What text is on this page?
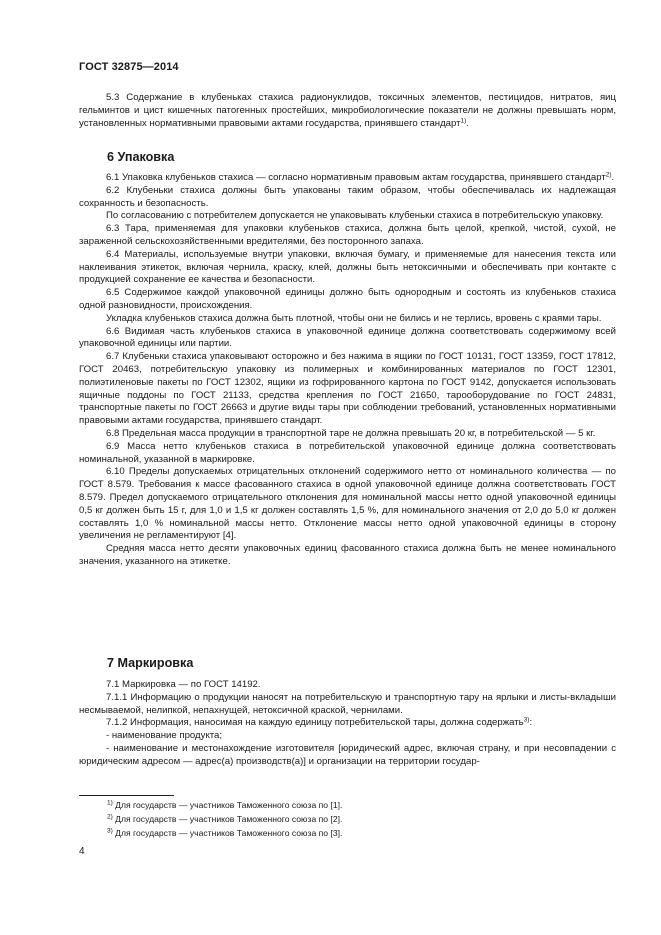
ГОСТ 32875—2014

5.3 Содержание в клубеньках стахиса радионуклидов, токсичных элементов, пестицидов, нитратов, яиц гельминтов и цист кишечных патогенных простейших, микробиологические показатели не должны превышать норм, установленных нормативными правовыми актами государства, принявшего стандарт$^{1)}$.

6 Упаковка

6.1 Упаковка клубеньков стахиса — согласно нормативным правовым актам государства, принявшего стандарт$^{2)}$.

6.2 Клубеньки стахиса должны быть упакованы таким образом, чтобы обеспечивалась их надлежащая сохранность и безопасность.

По согласованию с потребителем допускается не упаковывать клубеньки стахиса в потребительскую упаковку.

6.3 Тара, применяемая для упаковки клубеньков стахиса, должна быть целой, крепкой, чистой, сухой, не зараженной сельскохозяйственными вредителями, без посторонного запаха.

6.4 Материалы, используемые внутри упаковки, включая бумагу, и применяемые для нанесения текста или наклеивания этикеток, включая чернила, краску, клей, должны быть нетоксичными и обеспечивать при контакте с продукцией сохранение ее качества и безопасности.

6.5 Содержимое каждой упаковочной единицы должно быть однородным и состоять из клубеньков стахиса одной разновидности, происхождения.

Укладка клубеньков стахиса должна быть плотной, чтобы они не бились и не терлись, вровень с краями тары.

6.6 Видимая часть клубеньков стахиса в упаковочной единице должна соответствовать содержимому всей упаковочной единицы или партии.

6.7 Клубеньки стахиса упаковывают осторожно и без нажима в ящики по ГОСТ 10131, ГОСТ 13359, ГОСТ 17812, ГОСТ 20463, потребительскую упаковку из полимерных и комбинированных материалов по ГОСТ 12301, полиэтиленовые пакеты по ГОСТ 12302, ящики из гофрированного картона по ГОСТ 9142, допускается использовать ящичные поддоны по ГОСТ 21133, средства крепления по ГОСТ 21650, тарооборудование по ГОСТ 24831, транспортные пакеты по ГОСТ 26663 и другие виды тары при соблюдении требований, установленных нормативными правовыми актами государства, принявшего стандарт.

6.8 Предельная масса продукции в транспортной таре не должна превышать 20 кг, в потребительской — 5 кг.

6.9 Масса нетто клубеньков стахиса в потребительской упаковочной единице должна соответствовать номинальной, указанной в маркировке.

6.10 Пределы допускаемых отрицательных отклонений содержимого нетто от номинального количества — по ГОСТ 8.579. Требования к массе фасованного стахиса в одной упаковочной единице должна соответствовать ГОСТ 8.579. Предел допускаемого отрицательного отклонения для номинальной массы нетто одной упаковочной единицы 0,5 кг должен быть 15 г, для 1,0 и 1,5 кг должен составлять 1,5 %, для номинального значения от 2,0 до 5,0 кг должен составлять 1,0 % номинальной массы нетто. Отклонение массы нетто одной упаковочной единицы в сторону увеличения не регламентируют [4].

Средняя масса нетто десяти упаковочных единиц фасованного стахиса должна быть не менее номинального значения, указанного на этикетке.

7 Маркировка

7.1 Маркировка — по ГОСТ 14192.

7.1.1 Информацию о продукции наносят на потребительскую и транспортную тару на ярлыки и листы-вкладыши несмываемой, нелипкой, непахнущей, нетоксичной краской, чернилами.

7.1.2 Информация, наносимая на каждую единицу потребительской тары, должна содержать$^{3)}$:

- наименование продукта;

- наименование и местонахождение изготовителя [юридический адрес, включая страну, и при несовпадении с юридическим адресом — адрес(а) производств(а)] и организации на территории государ-

$^{1)}$ Для государств — участников Таможенного союза по [1].

$^{2)}$ Для государств — участников Таможенного союза по [2].

$^{3)}$ Для государств — участников Таможенного союза по [3].

4
